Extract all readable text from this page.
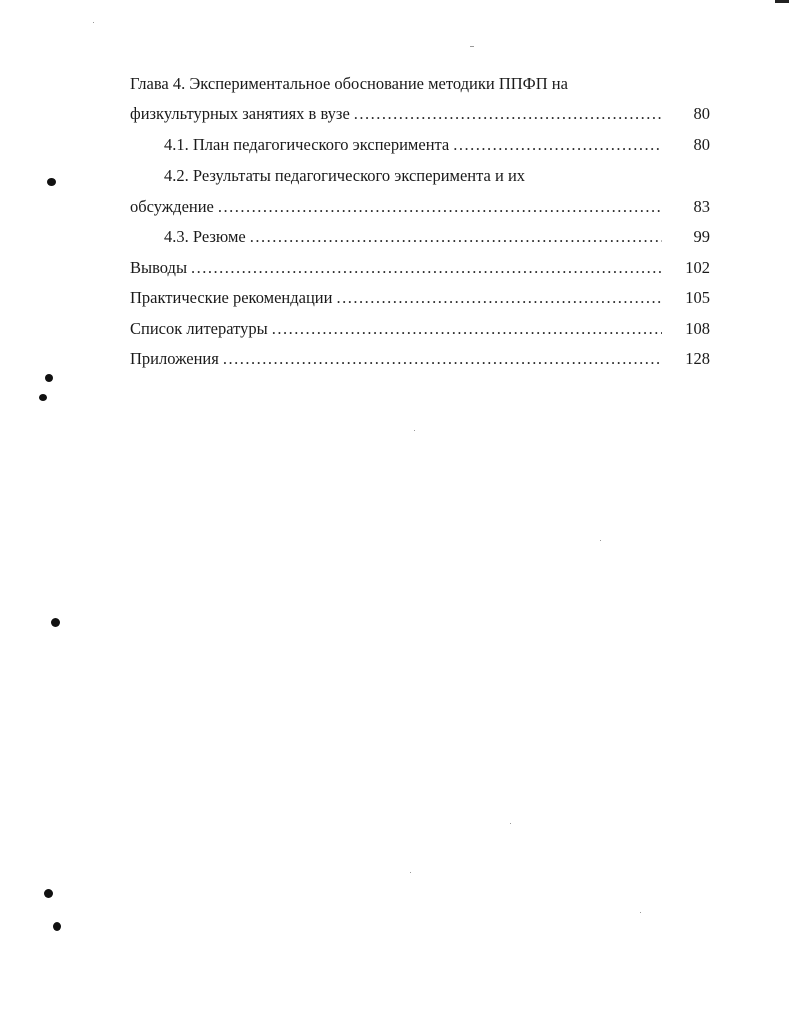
Глава 4. Экспериментальное обоснование методики ППФП на
физкультурных занятиях в вузе .....	80
4.1. План педагогического эксперимента .....	80
4.2. Результаты педагогического эксперимента и их
обсуждение .....	83
4.3. Резюме .....	99
Выводы .....	102
Практические рекомендации .....	105
Список литературы .....	108
Приложения .....	128
